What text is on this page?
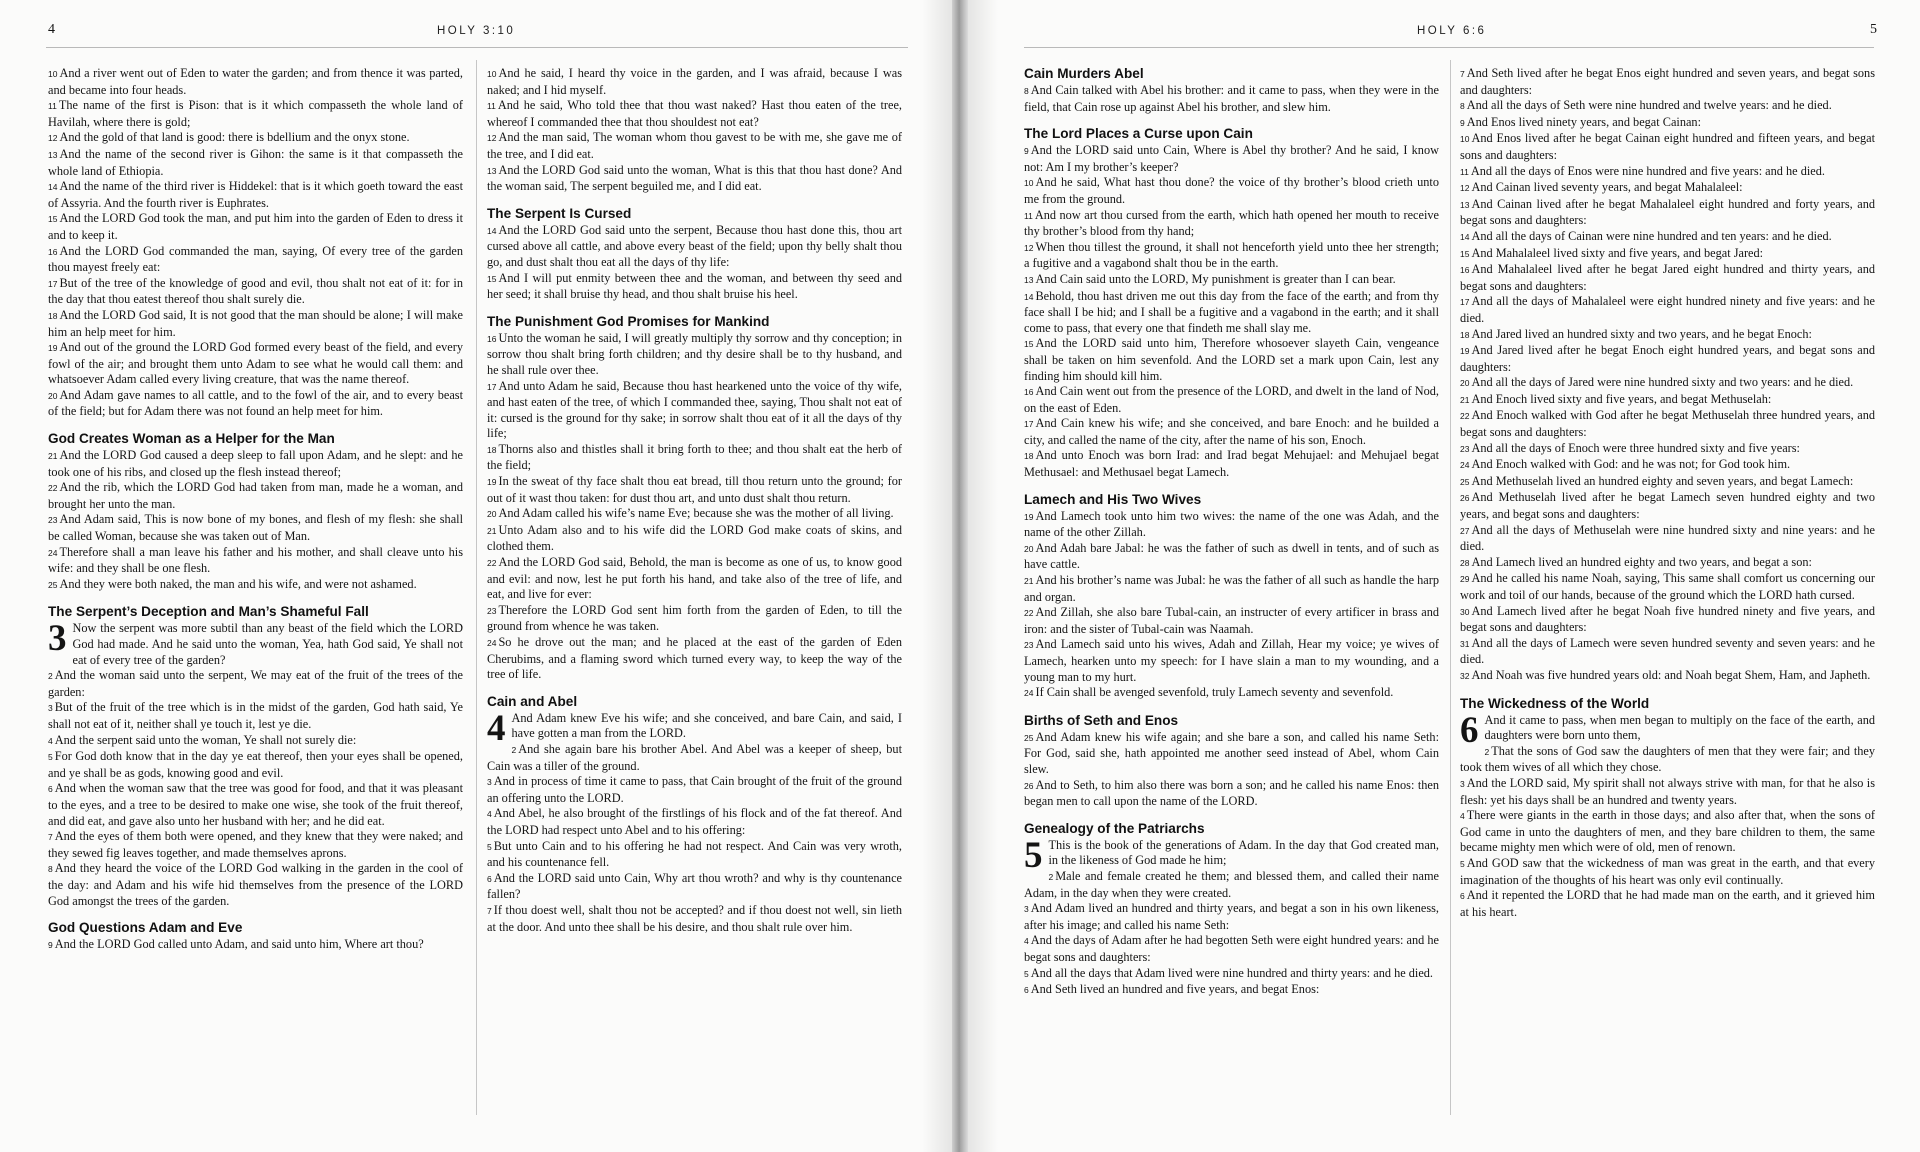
4	HOLY 3:10

10 And a river went out of Eden to water the garden; and from thence it was parted, and became into four heads.

11 The name of the first is Pison: that is it which compasseth the whole land of Havilah, where there is gold;

12 And the gold of that land is good: there is bdellium and the onyx stone.

13 And the name of the second river is Gihon: the same is it that compasseth the whole land of Ethiopia.

14 And the name of the third river is Hiddekel: that is it which goeth toward the east of Assyria. And the fourth river is Euphrates.

15 And the LORD God took the man, and put him into the garden of Eden to dress it and to keep it.

16 And the LORD God commanded the man, saying, Of every tree of the garden thou mayest freely eat:

17 But of the tree of the knowledge of good and evil, thou shalt not eat of it: for in the day that thou eatest thereof thou shalt surely die.

18 And the LORD God said, It is not good that the man should be alone; I will make him an help meet for him.

19 And out of the ground the LORD God formed every beast of the field, and every fowl of the air; and brought them unto Adam to see what he would call them: and whatsoever Adam called every living creature, that was the name thereof.

20 And Adam gave names to all cattle, and to the fowl of the air, and to every beast of the field; but for Adam there was not found an help meet for him.

God Creates Woman as a Helper for the Man

21 And the LORD God caused a deep sleep to fall upon Adam, and he slept: and he took one of his ribs, and closed up the flesh instead thereof;

22 And the rib, which the LORD God had taken from man, made he a woman, and brought her unto the man.

23 And Adam said, This is now bone of my bones, and flesh of my flesh: she shall be called Woman, because she was taken out of Man.

24 Therefore shall a man leave his father and his mother, and shall cleave unto his wife: and they shall be one flesh.

25 And they were both naked, the man and his wife, and were not ashamed.

The Serpent’s Deception and Man’s Shameful Fall

3 Now the serpent was more subtil than any beast of the field which the LORD God had made. And he said unto the woman, Yea, hath God said, Ye shall not eat of every tree of the garden?

2 And the woman said unto the serpent, We may eat of the fruit of the trees of the garden:

3 But of the fruit of the tree which is in the midst of the garden, God hath said, Ye shall not eat of it, neither shall ye touch it, lest ye die.

4 And the serpent said unto the woman, Ye shall not surely die:

5 For God doth know that in the day ye eat thereof, then your eyes shall be opened, and ye shall be as gods, knowing good and evil.

6 And when the woman saw that the tree was good for food, and that it was pleasant to the eyes, and a tree to be desired to make one wise, she took of the fruit thereof, and did eat, and gave also unto her husband with her; and he did eat.

7 And the eyes of them both were opened, and they knew that they were naked; and they sewed fig leaves together, and made themselves aprons.

8 And they heard the voice of the LORD God walking in the garden in the cool of the day: and Adam and his wife hid themselves from the presence of the LORD God amongst the trees of the garden.

God Questions Adam and Eve

9 And the LORD God called unto Adam, and said unto him, Where art thou?

10 And he said, I heard thy voice in the garden, and I was afraid, because I was naked; and I hid myself.

11 And he said, Who told thee that thou wast naked? Hast thou eaten of the tree, whereof I commanded thee that thou shouldest not eat?

12 And the man said, The woman whom thou gavest to be with me, she gave me of the tree, and I did eat.

13 And the LORD God said unto the woman, What is this that thou hast done? And the woman said, The serpent beguiled me, and I did eat.

The Serpent Is Cursed

14 And the LORD God said unto the serpent, Because thou hast done this, thou art cursed above all cattle, and above every beast of the field; upon thy belly shalt thou go, and dust shalt thou eat all the days of thy life:

15 And I will put enmity between thee and the woman, and between thy seed and her seed; it shall bruise thy head, and thou shalt bruise his heel.

The Punishment God Promises for Mankind

16 Unto the woman he said, I will greatly multiply thy sorrow and thy conception; in sorrow thou shalt bring forth children; and thy desire shall be to thy husband, and he shall rule over thee.

17 And unto Adam he said, Because thou hast hearkened unto the voice of thy wife, and hast eaten of the tree, of which I commanded thee, saying, Thou shalt not eat of it: cursed is the ground for thy sake; in sorrow shalt thou eat of it all the days of thy life;

18 Thorns also and thistles shall it bring forth to thee; and thou shalt eat the herb of the field;

19 In the sweat of thy face shalt thou eat bread, till thou return unto the ground; for out of it wast thou taken: for dust thou art, and unto dust shalt thou return.

20 And Adam called his wife’s name Eve; because she was the mother of all living.

21 Unto Adam also and to his wife did the LORD God make coats of skins, and clothed them.

22 And the LORD God said, Behold, the man is become as one of us, to know good and evil: and now, lest he put forth his hand, and take also of the tree of life, and eat, and live for ever:

23 Therefore the LORD God sent him forth from the garden of Eden, to till the ground from whence he was taken.

24 So he drove out the man; and he placed at the east of the garden of Eden Cherubims, and a flaming sword which turned every way, to keep the way of the tree of life.

Cain and Abel

4 And Adam knew Eve his wife; and she conceived, and bare Cain, and said, I have gotten a man from the LORD.

2 And she again bare his brother Abel. And Abel was a keeper of sheep, but Cain was a tiller of the ground.

3 And in process of time it came to pass, that Cain brought of the fruit of the ground an offering unto the LORD.

4 And Abel, he also brought of the firstlings of his flock and of the fat thereof. And the LORD had respect unto Abel and to his offering:

5 But unto Cain and to his offering he had not respect. And Cain was very wroth, and his countenance fell.

6 And the LORD said unto Cain, Why art thou wroth? and why is thy countenance fallen?

7 If thou doest well, shalt thou not be accepted? and if thou doest not well, sin lieth at the door. And unto thee shall be his desire, and thou shalt rule over him.

5
HOLY 6:6
Cain Murders Abel

8 And Cain talked with Abel his brother: and it came to pass, when they were in the field, that Cain rose up against Abel his brother, and slew him.

The Lord Places a Curse upon Cain

9 And the LORD said unto Cain, Where is Abel thy brother? And he said, I know not: Am I my brother’s keeper?

10 And he said, What hast thou done? the voice of thy brother’s blood crieth unto me from the ground.

11 And now art thou cursed from the earth, which hath opened her mouth to receive thy brother’s blood from thy hand;

12 When thou tillest the ground, it shall not henceforth yield unto thee her strength; a fugitive and a vagabond shalt thou be in the earth.

13 And Cain said unto the LORD, My punishment is greater than I can bear.

14 Behold, thou hast driven me out this day from the face of the earth; and from thy face shall I be hid; and I shall be a fugitive and a vagabond in the earth; and it shall come to pass, that every one that findeth me shall slay me.

15 And the LORD said unto him, Therefore whosoever slayeth Cain, vengeance shall be taken on him sevenfold. And the LORD set a mark upon Cain, lest any finding him should kill him.

16 And Cain went out from the presence of the LORD, and dwelt in the land of Nod, on the east of Eden.

17 And Cain knew his wife; and she conceived, and bare Enoch: and he builded a city, and called the name of the city, after the name of his son, Enoch.

18 And unto Enoch was born Irad: and Irad begat Mehujael: and Mehujael begat Methusael: and Methusael begat Lamech.

Lamech and His Two Wives

19 And Lamech took unto him two wives: the name of the one was Adah, and the name of the other Zillah.

20 And Adah bare Jabal: he was the father of such as dwell in tents, and of such as have cattle.

21 And his brother’s name was Jubal: he was the father of all such as handle the harp and organ.

22 And Zillah, she also bare Tubal-cain, an instructer of every artificer in brass and iron: and the sister of Tubal-cain was Naamah.

23 And Lamech said unto his wives, Adah and Zillah, Hear my voice; ye wives of Lamech, hearken unto my speech: for I have slain a man to my wounding, and a young man to my hurt.

24 If Cain shall be avenged sevenfold, truly Lamech seventy and sevenfold.

Births of Seth and Enos

25 And Adam knew his wife again; and she bare a son, and called his name Seth: For God, said she, hath appointed me another seed instead of Abel, whom Cain slew.

26 And to Seth, to him also there was born a son; and he called his name Enos: then began men to call upon the name of the LORD.

Genealogy of the Patriarchs

5 This is the book of the generations of Adam. In the day that God created man, in the likeness of God made he him;

2 Male and female created he them; and blessed them, and called their name Adam, in the day when they were created.

3 And Adam lived an hundred and thirty years, and begat a son in his own likeness, after his image; and called his name Seth:

4 And the days of Adam after he had begotten Seth were eight hundred years: and he begat sons and daughters:

5 And all the days that Adam lived were nine hundred and thirty years: and he died.

6 And Seth lived an hundred and five years, and begat Enos:

7 And Seth lived after he begat Enos eight hundred and seven years, and begat sons and daughters:

8 And all the days of Seth were nine hundred and twelve years: and he died.

9 And Enos lived ninety years, and begat Cainan:

10 And Enos lived after he begat Cainan eight hundred and fifteen years, and begat sons and daughters:

11 And all the days of Enos were nine hundred and five years: and he died.

12 And Cainan lived seventy years, and begat Mahalaleel:

13 And Cainan lived after he begat Mahalaleel eight hundred and forty years, and begat sons and daughters:

14 And all the days of Cainan were nine hundred and ten years: and he died.

15 And Mahalaleel lived sixty and five years, and begat Jared:

16 And Mahalaleel lived after he begat Jared eight hundred and thirty years, and begat sons and daughters:

17 And all the days of Mahalaleel were eight hundred ninety and five years: and he died.

18 And Jared lived an hundred sixty and two years, and he begat Enoch:

19 And Jared lived after he begat Enoch eight hundred years, and begat sons and daughters:

20 And all the days of Jared were nine hundred sixty and two years: and he died.

21 And Enoch lived sixty and five years, and begat Methuselah:

22 And Enoch walked with God after he begat Methuselah three hundred years, and begat sons and daughters:

23 And all the days of Enoch were three hundred sixty and five years:

24 And Enoch walked with God: and he was not; for God took him.

25 And Methuselah lived an hundred eighty and seven years, and begat Lamech:

26 And Methuselah lived after he begat Lamech seven hundred eighty and two years, and begat sons and daughters:

27 And all the days of Methuselah were nine hundred sixty and nine years: and he died.

28 And Lamech lived an hundred eighty and two years, and begat a son:

29 And he called his name Noah, saying, This same shall comfort us concerning our work and toil of our hands, because of the ground which the LORD hath cursed.

30 And Lamech lived after he begat Noah five hundred ninety and five years, and begat sons and daughters:

31 And all the days of Lamech were seven hundred seventy and seven years: and he died.

32 And Noah was five hundred years old: and Noah begat Shem, Ham, and Japheth.

The Wickedness of the World

6 And it came to pass, when men began to multiply on the face of the earth, and daughters were born unto them,

2 That the sons of God saw the daughters of men that they were fair; and they took them wives of all which they chose.

3 And the LORD said, My spirit shall not always strive with man, for that he also is flesh: yet his days shall be an hundred and twenty years.

4 There were giants in the earth in those days; and also after that, when the sons of God came in unto the daughters of men, and they bare children to them, the same became mighty men which were of old, men of renown.

5 And GOD saw that the wickedness of man was great in the earth, and that every imagination of the thoughts of his heart was only evil continually.

6 And it repented the LORD that he had made man on the earth, and it grieved him at his heart.
